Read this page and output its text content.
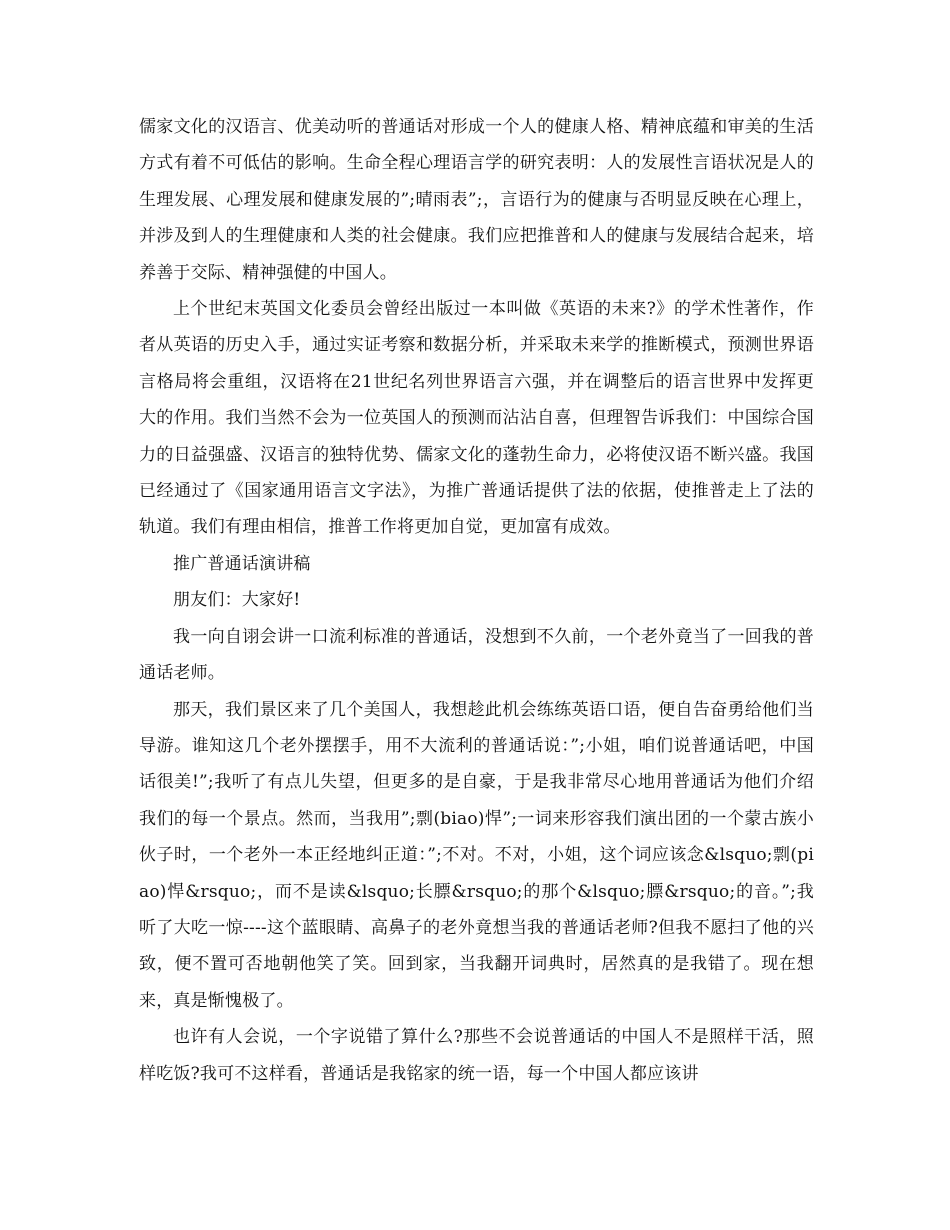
儒家文化的汉语言、优美动听的普通话对形成一个人的健康人格、精神底蕴和审美的生活方式有着不可低估的影响。生命全程心理语言学的研究表明：人的发展性言语状况是人的生理发展、心理发展和健康发展的”;晴雨表”;，言语行为的健康与否明显反映在心理上，并涉及到人的生理健康和人类的社会健康。我们应把推普和人的健康与发展结合起来，培养善于交际、精神强健的中国人。

上个世纪末英国文化委员会曾经出版过一本叫做《英语的未来?》的学术性著作，作者从英语的历史入手，通过实证考察和数据分析，并采取未来学的推断模式，预测世界语言格局将会重组，汉语将在21世纪名列世界语言六强，并在调整后的语言世界中发挥更大的作用。我们当然不会为一位英国人的预测而沾沾自喜，但理智告诉我们：中国综合国力的日益强盛、汉语言的独特优势、儒家文化的蓬勃生命力，必将使汉语不断兴盛。我国已经通过了《国家通用语言文字法》，为推广普通话提供了法的依据，使推普走上了法的轨道。我们有理由相信，推普工作将更加自觉，更加富有成效。

推广普通话演讲稿

朋友们：大家好!

我一向自诩会讲一口流利标准的普通话，没想到不久前，一个老外竟当了一回我的普通话老师。

那天，我们景区来了几个美国人，我想趁此机会练练英语口语，便自告奋勇给他们当导游。谁知这几个老外摆摆手，用不大流利的普通话说：”;小姐，咱们说普通话吧，中国话很美!”;我听了有点儿失望，但更多的是自豪，于是我非常尽心地用普通话为他们介绍我们的每一个景点。然而，当我用”;剽(biao)悍”;一词来形容我们演出团的一个蒙古族小伙子时，一个老外一本正经地纠正道：”;不对。不对，小姐，这个词应该念&lsquo;剽(piao)悍&rsquo;，而不是读&lsquo;长膘&rsquo;的那个&lsquo;膘&rsquo;的音。”;我听了大吃一惊----这个蓝眼睛、高鼻子的老外竟想当我的普通话老师?但我不愿扫了他的兴致，便不置可否地朝他笑了笑。回到家，当我翻开词典时，居然真的是我错了。现在想来，真是惭愧极了。

也许有人会说，一个字说错了算什么?那些不会说普通话的中国人不是照样干活，照样吃饭?我可不这样看，普通话是我铭家的统一语，每一个中国人都应该讲
